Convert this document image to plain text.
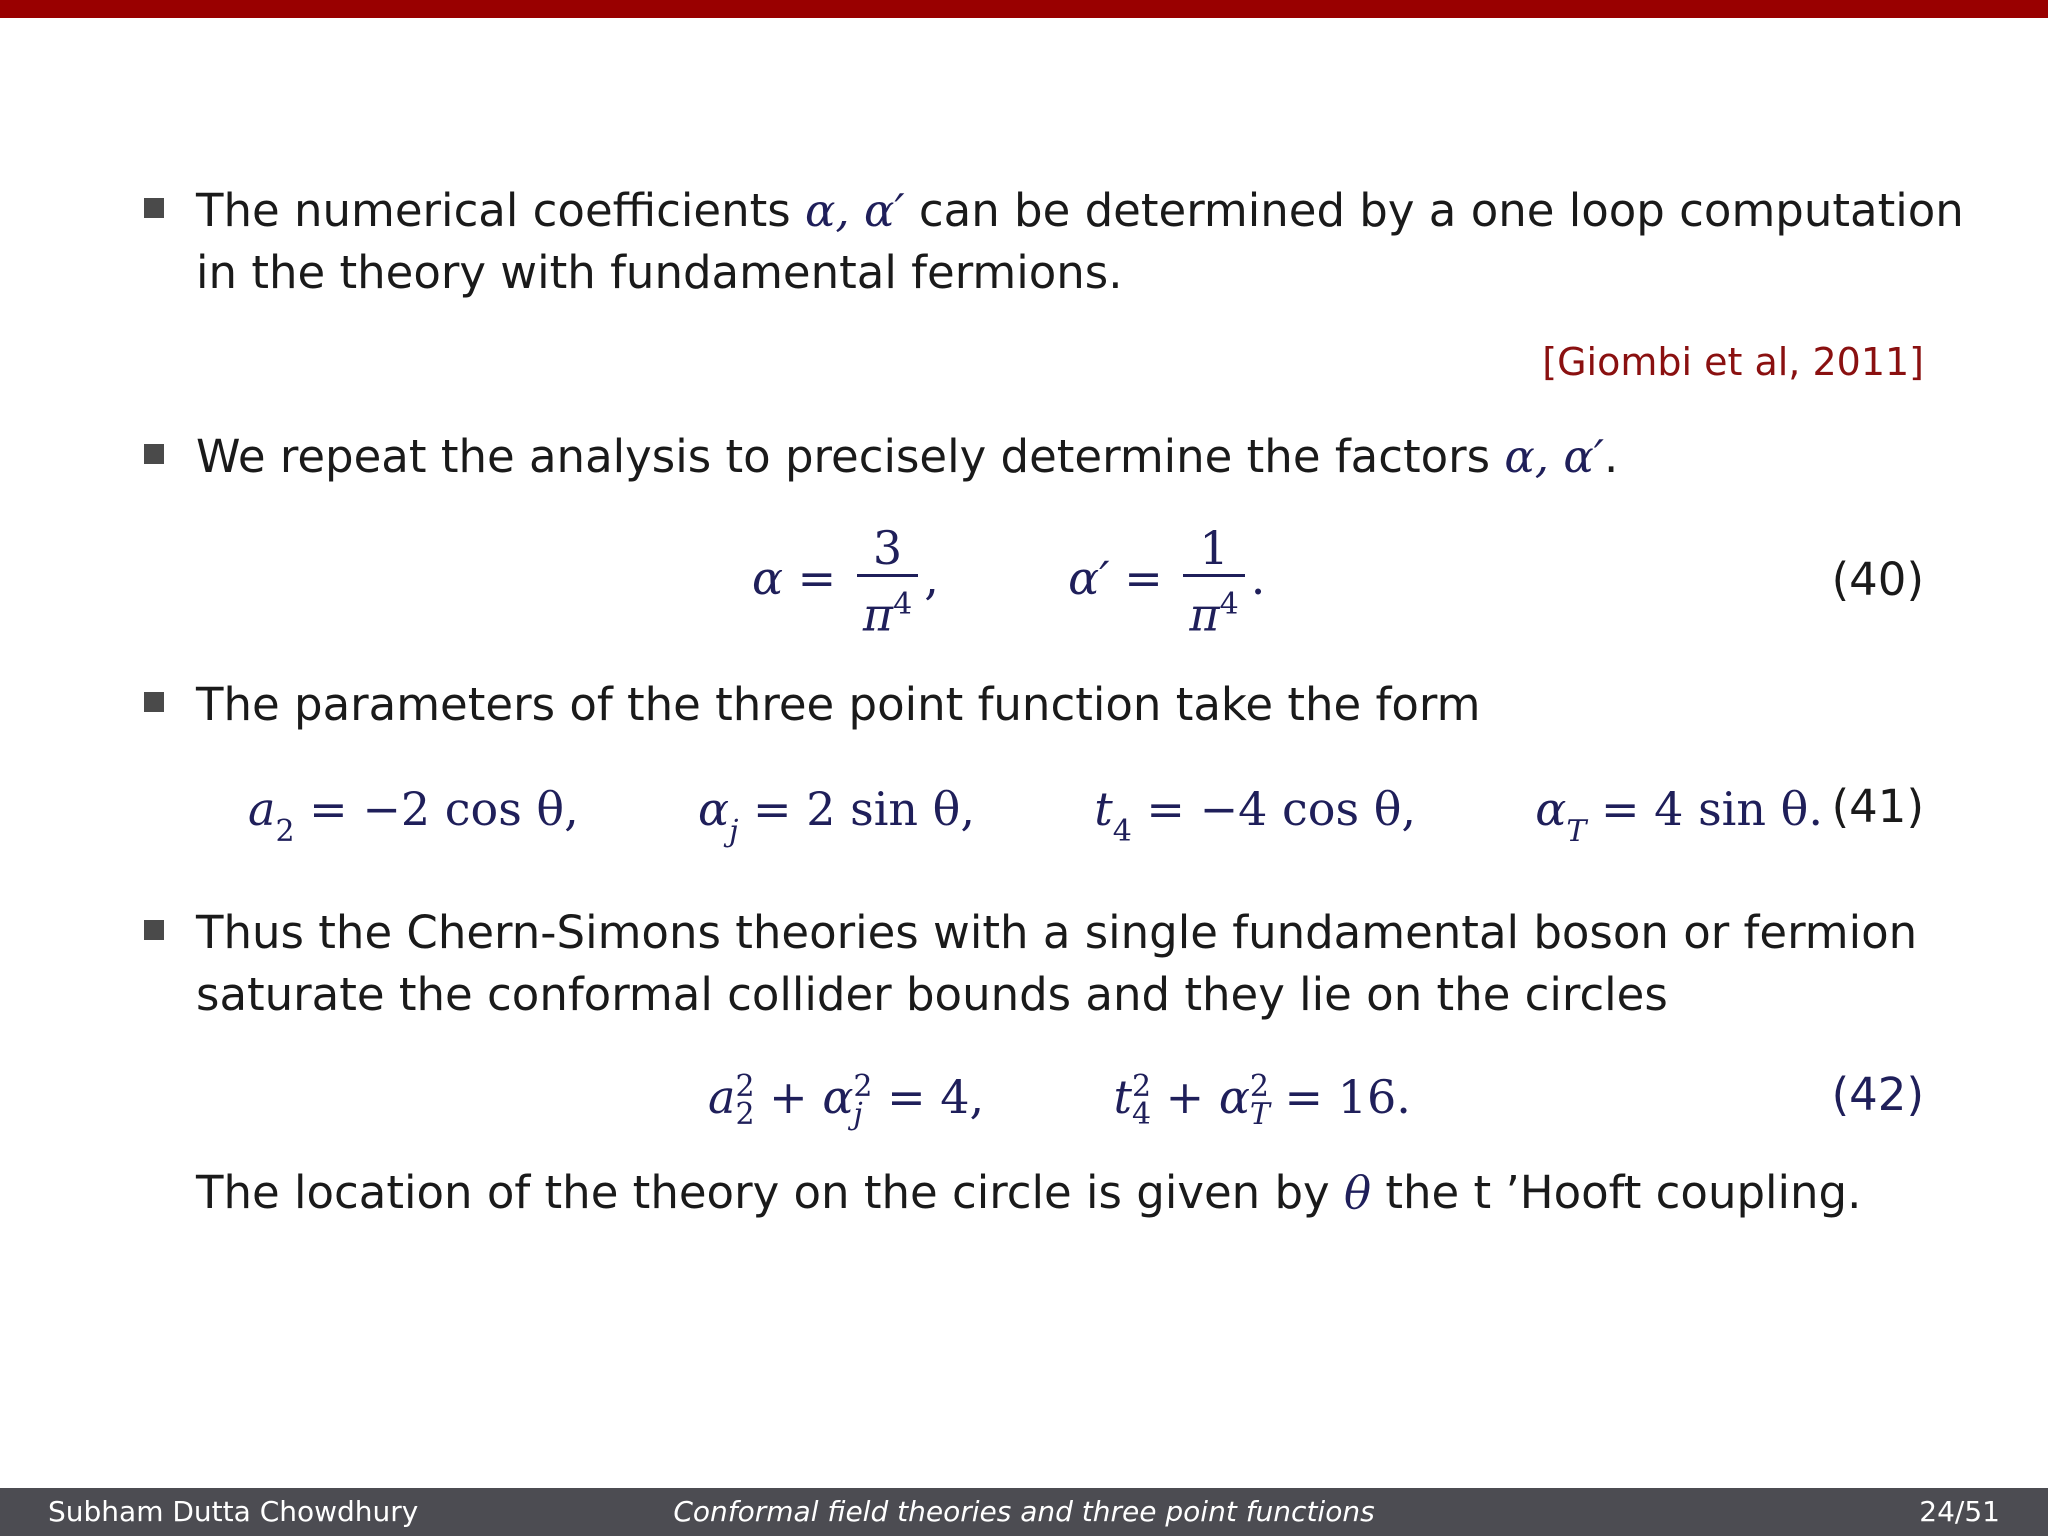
The numerical coefficients α, α′ can be determined by a one loop computation
in the theory with fundamental fermions.
[Giombi et al, 2011]
We repeat the analysis to precisely determine the factors α, α′.
$\alpha = \frac{3}{\pi^4}$ ,	$\alpha' = \frac{1}{\pi^4}$ .	(40)
The parameters of the three point function take the form
$a_2 = -2$ cos θ,	$\alpha_j = 2$ sin θ,	$t_4 = -4$ cos θ,	$\alpha_T = 4$ sin θ. (41)
Thus the Chern-Simons theories with a single fundamental boson or fermion
saturate the conformal collider bounds and they lie on the circles
a 2
2 + α 2
j = 4,	t 2
4 + α 2
T = 16.	(42)
The location of the theory on the circle is given by θ the t ’Hooft coupling.
Conformal field theories and three point functions
Subham Dutta Chowdhury	24/51
